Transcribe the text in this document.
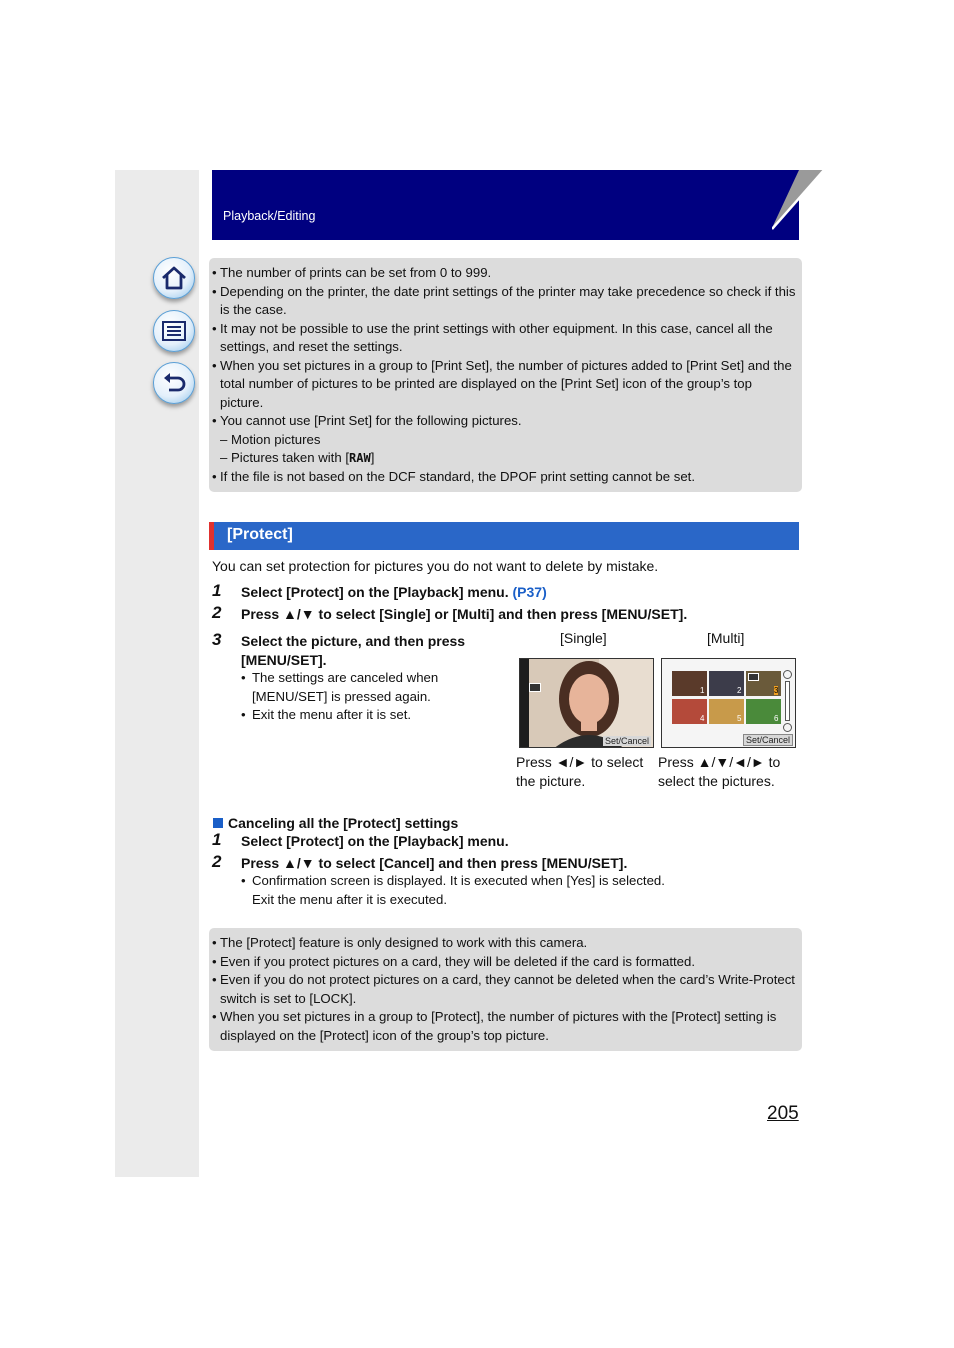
Playback/Editing
• The number of prints can be set from 0 to 999.
• Depending on the printer, the date print settings of the printer may take precedence so check if this is the case.
• It may not be possible to use the print settings with other equipment. In this case, cancel all the settings, and reset the settings.
• When you set pictures in a group to [Print Set], the number of pictures added to [Print Set] and the total number of pictures to be printed are displayed on the [Print Set] icon of the group’s top picture.
• You cannot use [Print Set] for the following pictures.
– Motion pictures
– Pictures taken with [RAW]
• If the file is not based on the DCF standard, the DPOF print setting cannot be set.
[Protect]
You can set protection for pictures you do not want to delete by mistake.
1 Select [Protect] on the [Playback] menu. (P37)
2 Press ▲/▼ to select [Single] or [Multi] and then press [MENU/SET].
3 Select the picture, and then press [MENU/SET].
• The settings are canceled when [MENU/SET] is pressed again.
• Exit the menu after it is set.
[Single]	[Multi]
Set/Cancel
1	2	3
4	5	6
Set/Cancel
Press ◄/► to select the picture.
Press ▲/▼/◄/► to select the pictures.
Canceling all the [Protect] settings
1 Select [Protect] on the [Playback] menu.
2 Press ▲/▼ to select [Cancel] and then press [MENU/SET].
• Confirmation screen is displayed. It is executed when [Yes] is selected.
Exit the menu after it is executed.
• The [Protect] feature is only designed to work with this camera.
• Even if you protect pictures on a card, they will be deleted if the card is formatted.
• Even if you do not protect pictures on a card, they cannot be deleted when the card’s Write-Protect switch is set to [LOCK].
• When you set pictures in a group to [Protect], the number of pictures with the [Protect] setting is displayed on the [Protect] icon of the group’s top picture.
205
